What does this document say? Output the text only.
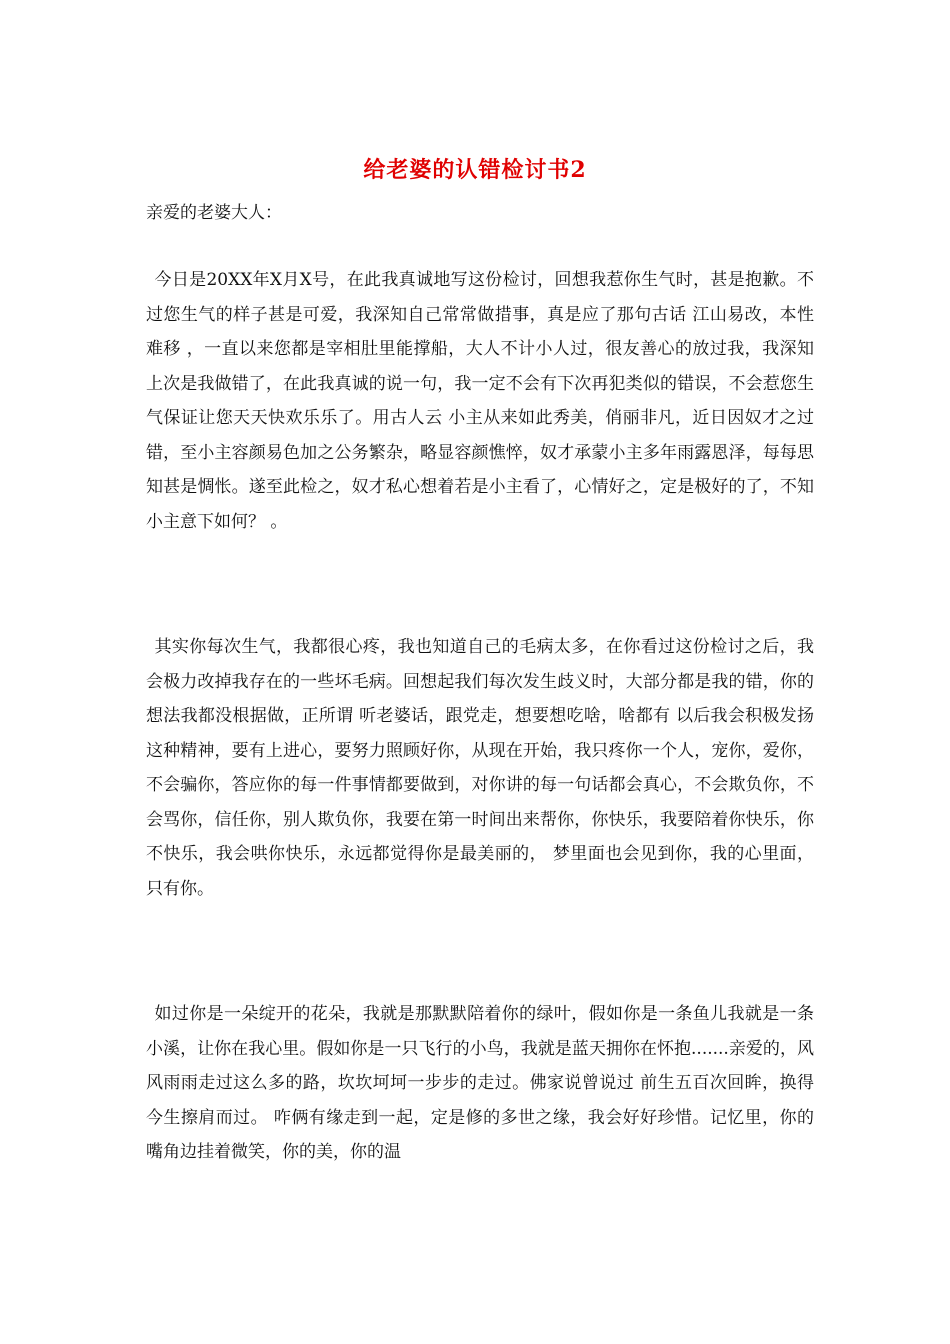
给老婆的认错检讨书2

亲爱的老婆大人：

今日是20XX年X月X号，在此我真诚地写这份检讨，回想我惹你生气时，甚是抱歉。不过您生气的样子甚是可爱，我深知自己常常做措事，真是应了那句古话 江山易改，本性难移 ，一直以来您都是宰相肚里能撑船，大人不计小人过，很友善心的放过我，我深知上次是我做错了，在此我真诚的说一句，我一定不会有下次再犯类似的错误，不会惹您生气保证让您天天快欢乐乐了。用古人云 小主从来如此秀美，俏丽非凡，近日因奴才之过错，至小主容颜易色加之公务繁杂，略显容颜憔悴，奴才承蒙小主多年雨露恩泽，每每思知甚是惆怅。遂至此检之，奴才私心想着若是小主看了，心情好之，定是极好的了，不知小主意下如何？ 。

其实你每次生气，我都很心疼，我也知道自己的毛病太多，在你看过这份检讨之后，我会极力改掉我存在的一些坏毛病。回想起我们每次发生歧义时，大部分都是我的错，你的想法我都没根据做，正所谓 听老婆话，跟党走，想要想吃啥，啥都有 以后我会积极发扬这种精神，要有上进心，要努力照顾好你，从现在开始，我只疼你一个人，宠你，爱你，不会骗你，答应你的每一件事情都要做到，对你讲的每一句话都会真心，不会欺负你，不会骂你，信任你，别人欺负你，我要在第一时间出来帮你，你快乐，我要陪着你快乐，你不快乐，我会哄你快乐，永远都觉得你是最美丽的， 梦里面也会见到你，我的心里面，只有你。

如过你是一朵绽开的花朵，我就是那默默陪着你的绿叶，假如你是一条鱼儿我就是一条小溪，让你在我心里。假如你是一只飞行的小鸟，我就是蓝天拥你在怀抱.......亲爱的，风风雨雨走过这么多的路，坎坎坷坷一步步的走过。佛家说曾说过 前生五百次回眸，换得今生擦肩而过。 咋俩有缘走到一起，定是修的多世之缘，我会好好珍惜。记忆里，你的嘴角边挂着微笑，你的美，你的温
